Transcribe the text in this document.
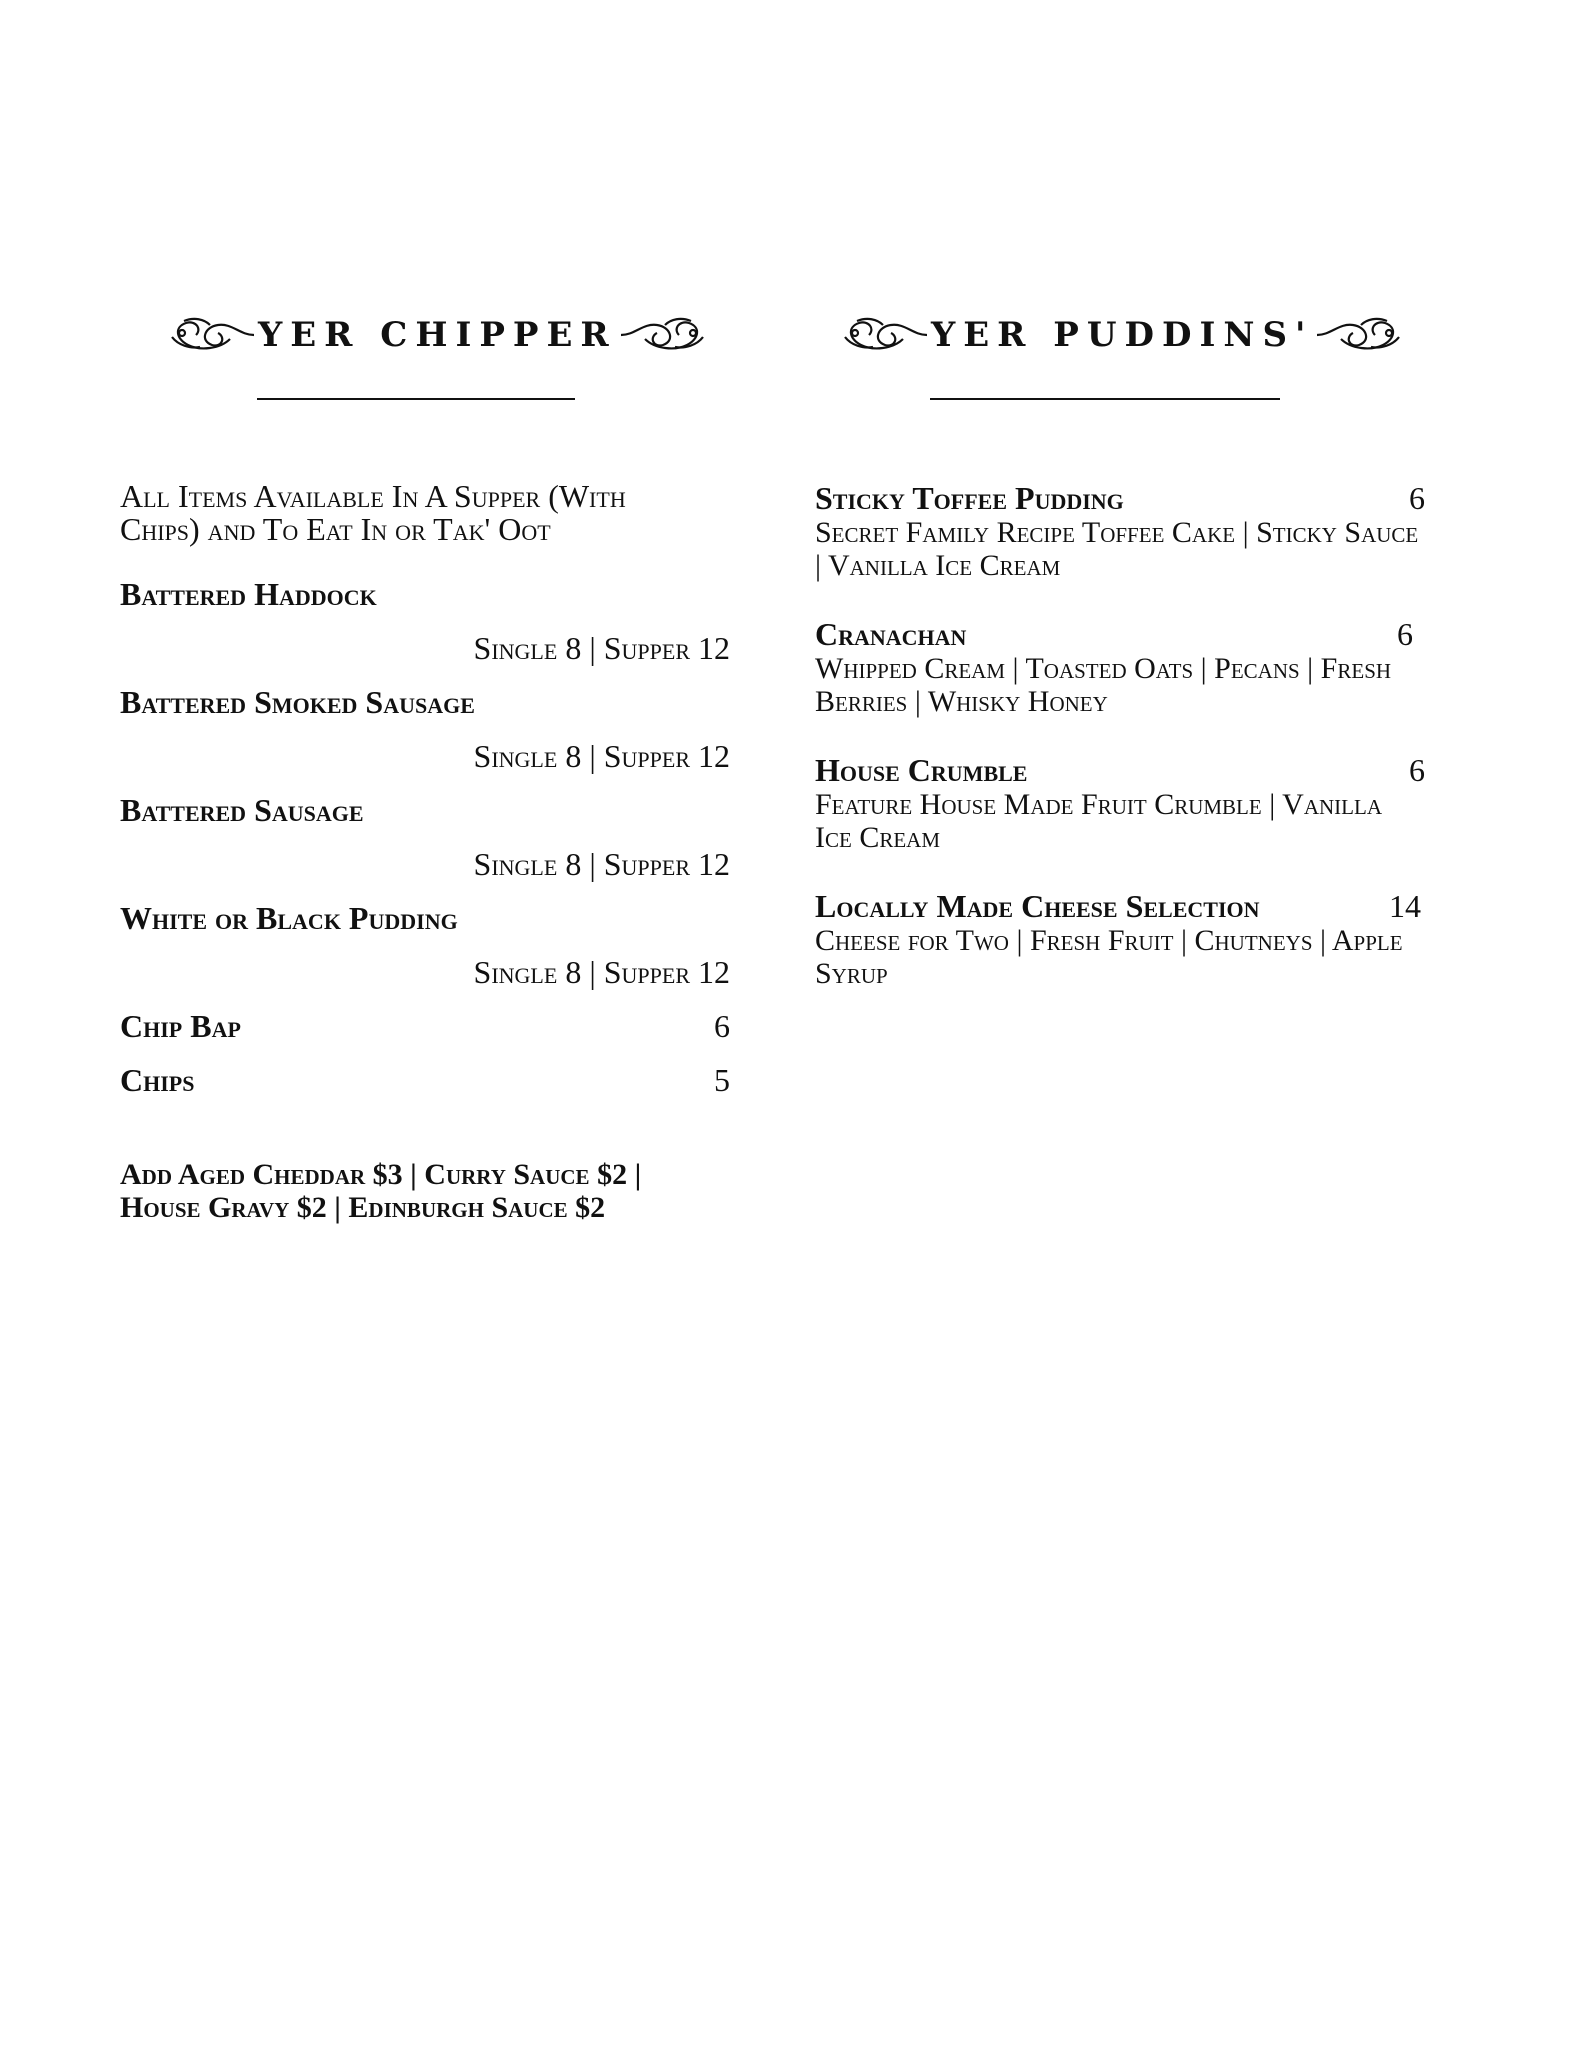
YER CHIPPER	YER PUDDINS'

All Items Available In A Supper (With Chips) and To Eat In or Tak' Oot

Battered Haddock
Single 8 | Supper 12
Battered Smoked Sausage
Single 8 | Supper 12
Battered Sausage
Single 8 | Supper 12
White or Black Pudding
Single 8 | Supper 12
Chip Bap	6
Chips	5

Add Aged Cheddar $3 | Curry Sauce $2 | House Gravy $2 | Edinburgh Sauce $2

Sticky Toffee Pudding	6
Secret Family Recipe Toffee Cake | Sticky Sauce | Vanilla Ice Cream
Cranachan	6
Whipped Cream | Toasted Oats | Pecans | Fresh Berries | Whisky Honey
House Crumble	6
Feature House Made Fruit Crumble | Vanilla Ice Cream
Locally Made Cheese Selection	14
Cheese for Two | Fresh Fruit | Chutneys | Apple Syrup
